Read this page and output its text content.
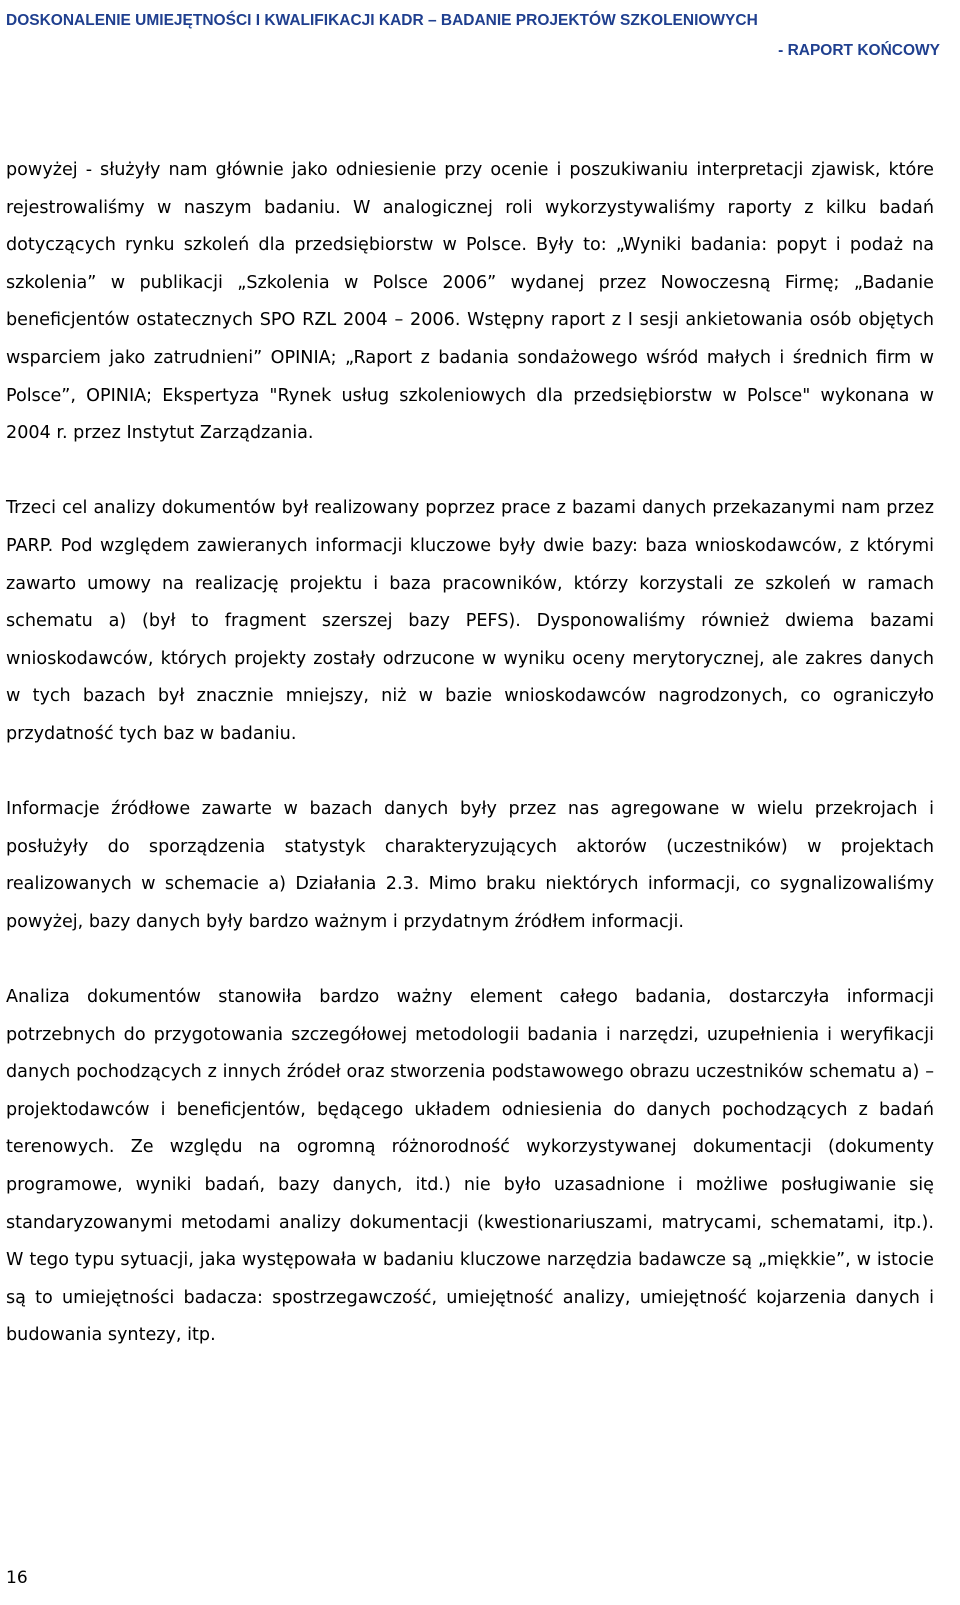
DOSKONALENIE UMIEJĘTNOŚCI I KWALIFIKACJI KADR – BADANIE PROJEKTÓW SZKOLENIOWYCH
- RAPORT KOŃCOWY

powyżej - służyły nam głównie jako odniesienie przy ocenie i poszukiwaniu interpretacji zjawisk, które rejestrowaliśmy w naszym badaniu. W analogicznej roli wykorzystywaliśmy raporty z kilku badań dotyczących rynku szkoleń dla przedsiębiorstw w Polsce. Były to: „Wyniki badania: popyt i podaż na szkolenia” w publikacji „Szkolenia w Polsce 2006” wydanej przez Nowoczesną Firmę; „Badanie beneficjentów ostatecznych SPO RZL 2004 – 2006. Wstępny raport z I sesji ankietowania osób objętych wsparciem jako zatrudnieni” OPINIA; „Raport z badania sondażowego wśród małych i średnich firm w Polsce”, OPINIA; Ekspertyza "Rynek usług szkoleniowych dla przedsiębiorstw w Polsce" wykonana w 2004 r. przez Instytut Zarządzania.

Trzeci cel analizy dokumentów był realizowany poprzez prace z bazami danych przekazanymi nam przez PARP. Pod względem zawieranych informacji kluczowe były dwie bazy: baza wnioskodawców, z którymi zawarto umowy na realizację projektu i baza pracowników, którzy korzystali ze szkoleń w ramach schematu a) (był to fragment szerszej bazy PEFS). Dysponowaliśmy również dwiema bazami wnioskodawców, których projekty zostały odrzucone w wyniku oceny merytorycznej, ale zakres danych w tych bazach był znacznie mniejszy, niż w bazie wnioskodawców nagrodzonych, co ograniczyło przydatność tych baz w badaniu.

Informacje źródłowe zawarte w bazach danych były przez nas agregowane w wielu przekrojach i posłużyły do sporządzenia statystyk charakteryzujących aktorów (uczestników) w projektach realizowanych w schemacie a) Działania 2.3. Mimo braku niektórych informacji, co sygnalizowaliśmy powyżej, bazy danych były bardzo ważnym i przydatnym źródłem informacji.

Analiza dokumentów stanowiła bardzo ważny element całego badania, dostarczyła informacji potrzebnych do przygotowania szczegółowej metodologii badania i narzędzi, uzupełnienia i weryfikacji danych pochodzących z innych źródeł oraz stworzenia podstawowego obrazu uczestników schematu a) – projektodawców i beneficjentów, będącego układem odniesienia do danych pochodzących z badań terenowych. Ze względu na ogromną różnorodność wykorzystywanej dokumentacji (dokumenty programowe, wyniki badań, bazy danych, itd.) nie było uzasadnione i możliwe posługiwanie się standaryzowanymi metodami analizy dokumentacji (kwestionariuszami, matrycami, schematami, itp.). W tego typu sytuacji, jaka występowała w badaniu kluczowe narzędzia badawcze są „miękkie”, w istocie są to umiejętności badacza: spostrzegawczość, umiejętność analizy, umiejętność kojarzenia danych i budowania syntezy, itp.

16
